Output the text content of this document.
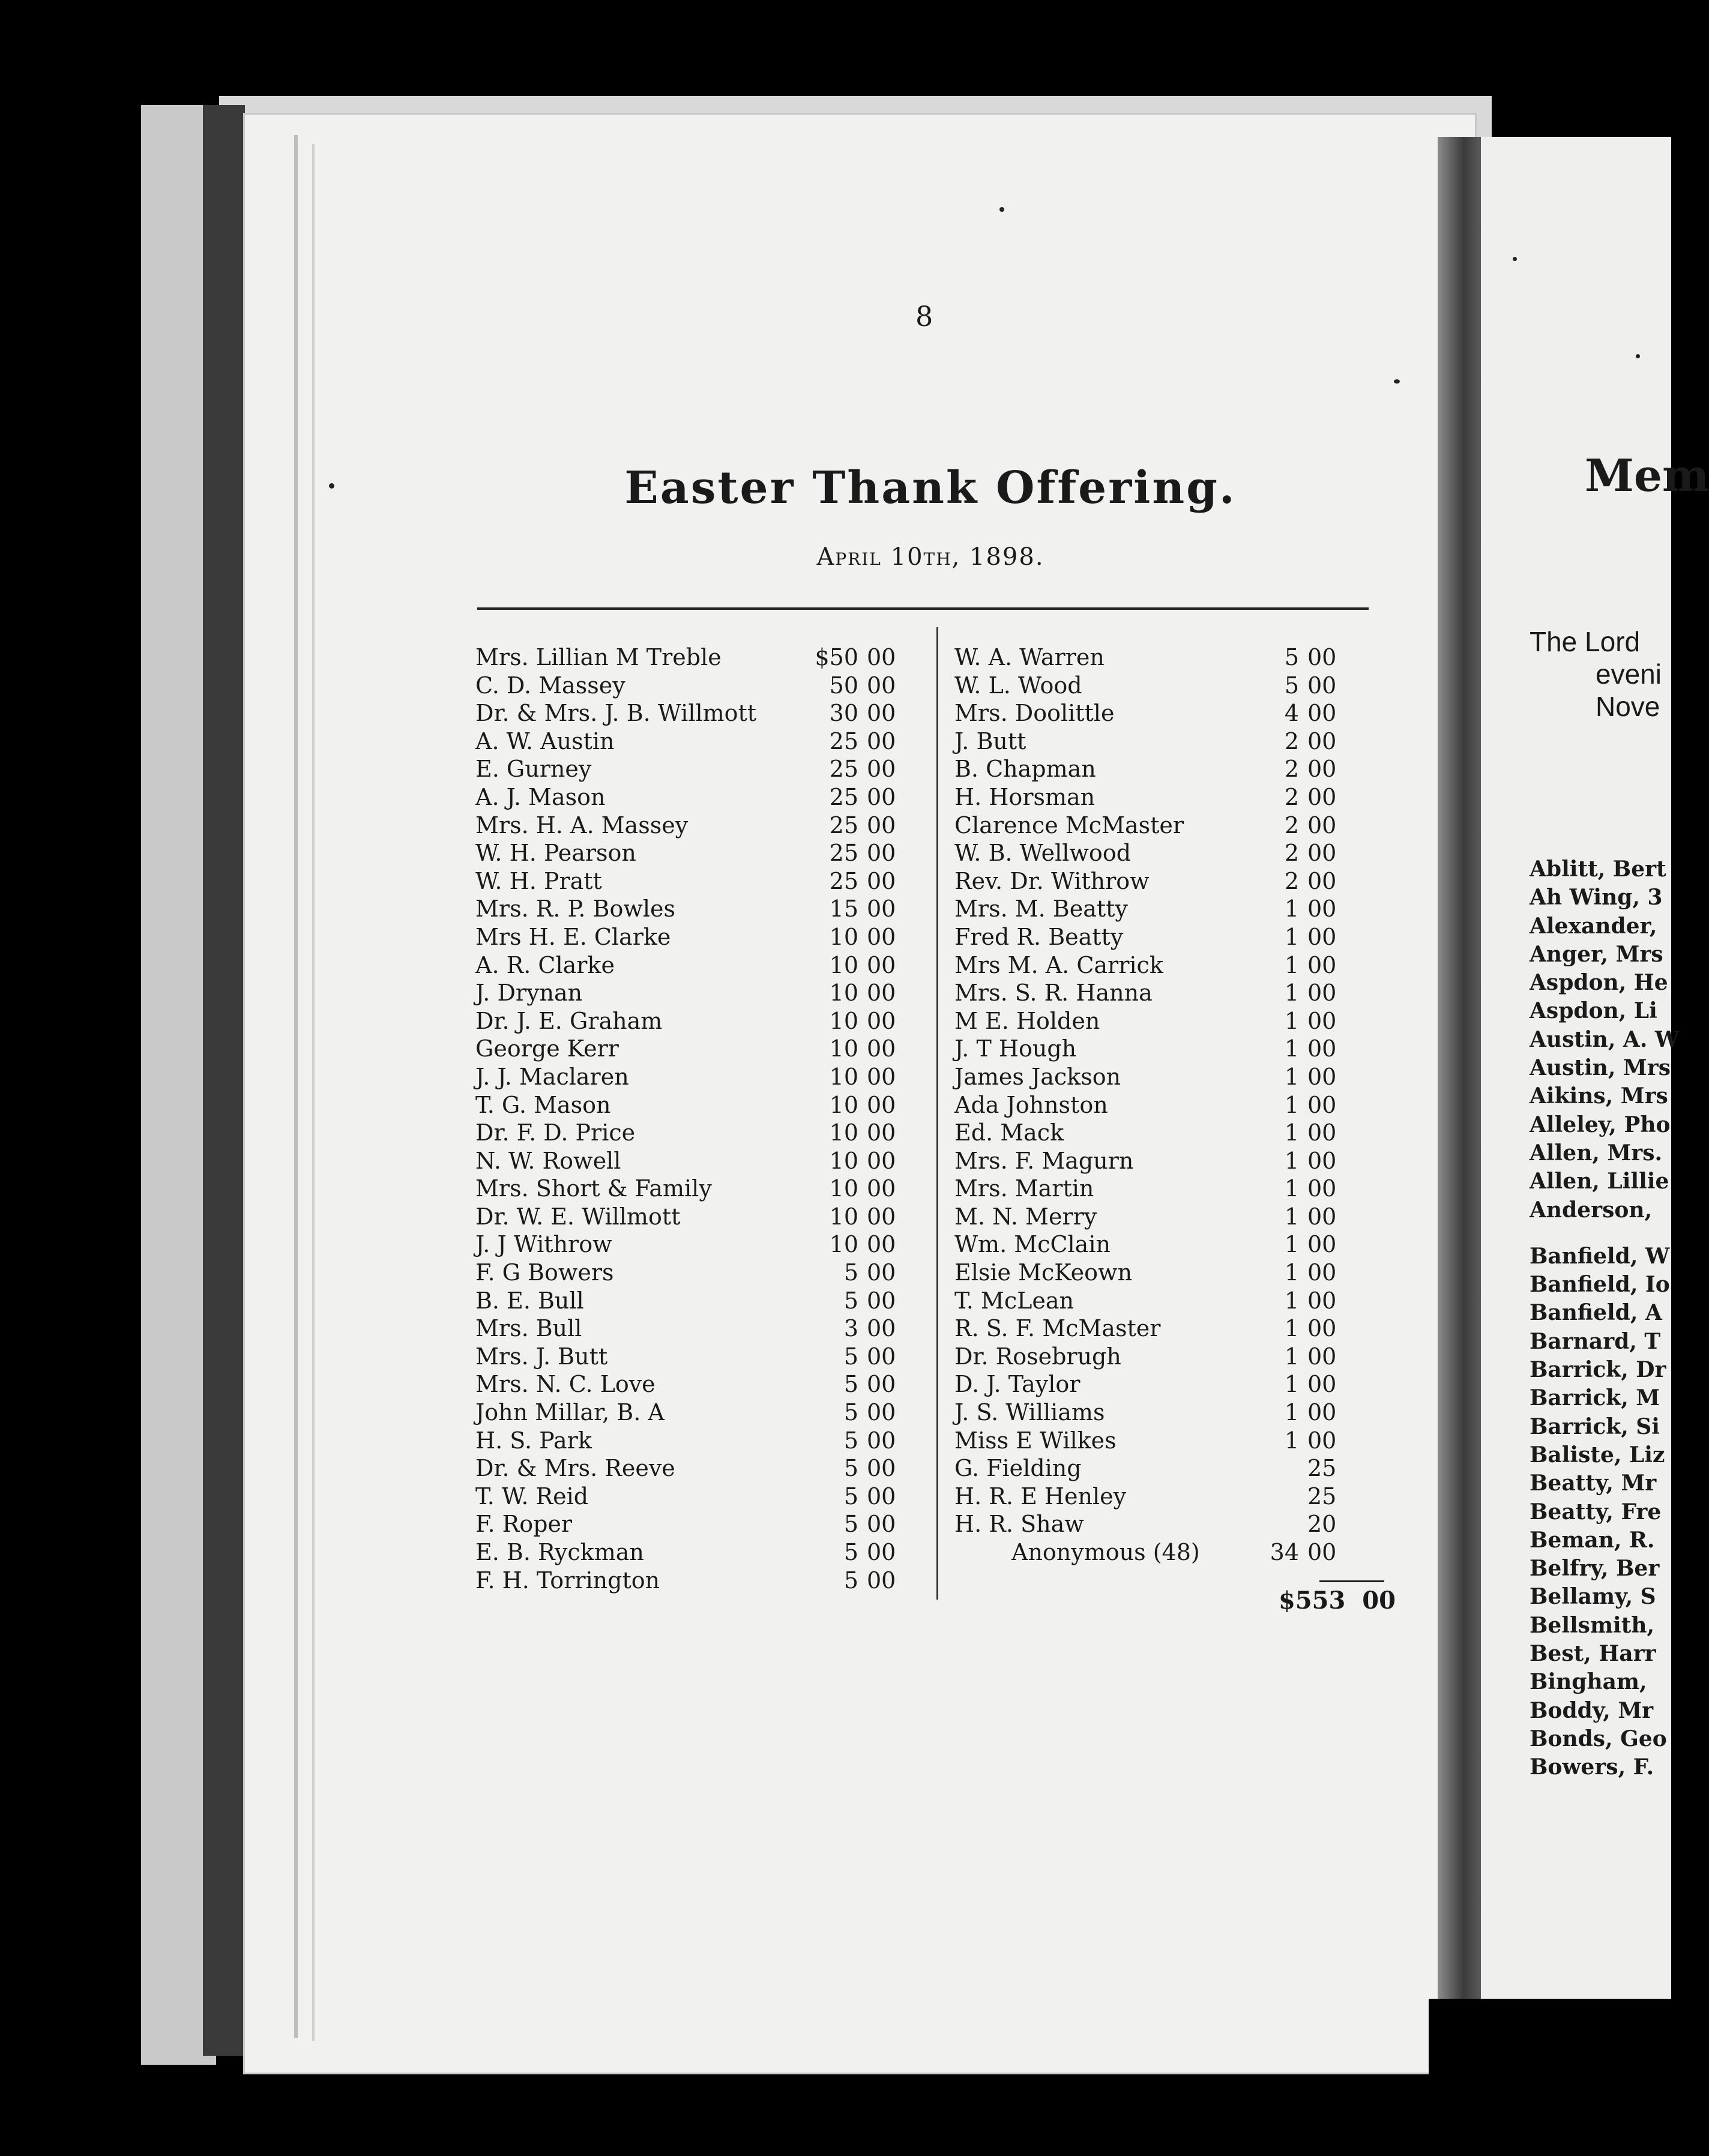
8
Easter Thank Offering.
April 10th, 1898.
Mrs. Lillian M Treble	$50 00
C. D. Massey	50 00
Dr. & Mrs. J. B. Willmott	30 00
A. W. Austin	25 00
E. Gurney	25 00
A. J. Mason	25 00
Mrs. H. A. Massey	25 00
W. H. Pearson	25 00
W. H. Pratt	25 00
Mrs. R. P. Bowles	15 00
Mrs H. E. Clarke	10 00
A. R. Clarke	10 00
J. Drynan	10 00
Dr. J. E. Graham	10 00
George Kerr	10 00
J. J. Maclaren	10 00
T. G. Mason	10 00
Dr. F. D. Price	10 00
N. W. Rowell	10 00
Mrs. Short & Family	10 00
Dr. W. E. Willmott	10 00
J. J Withrow	10 00
F. G Bowers	5 00
B. E. Bull	5 00
Mrs. Bull	3 00
Mrs. J. Butt	5 00
Mrs. N. C. Love	5 00
John Millar, B. A	5 00
H. S. Park	5 00
Dr. & Mrs. Reeve	5 00
T. W. Reid	5 00
F. Roper	5 00
E. B. Ryckman	5 00
F. H. Torrington	5 00
W. A. Warren	5 00
W. L. Wood	5 00
Mrs. Doolittle	4 00
J. Butt	2 00
B. Chapman	2 00
H. Horsman	2 00
Clarence McMaster	2 00
W. B. Wellwood	2 00
Rev. Dr. Withrow	2 00
Mrs. M. Beatty	1 00
Fred R. Beatty	1 00
Mrs M. A. Carrick	1 00
Mrs. S. R. Hanna	1 00
M E. Holden	1 00
J. T Hough	1 00
James Jackson	1 00
Ada Johnston	1 00
Ed. Mack	1 00
Mrs. F. Magurn	1 00
Mrs. Martin	1 00
M. N. Merry	1 00
Wm. McClain	1 00
Elsie McKeown	1 00
T. McLean	1 00
R. S. F. McMaster	1 00
Dr. Rosebrugh	1 00
D. J. Taylor	1 00
J. S. Williams	1 00
Miss E Wilkes	1 00
G. Fielding	25
H. R. E Henley	25
H. R. Shaw	20
Anonymous (48)	34 00
$553 00
Mem
The Lord
eveni
Nove
Ablitt, Bert
Ah Wing, 3
Alexander,
Anger, Mrs
Aspdon, He
Aspdon, Li
Austin, A. W
Austin, Mrs
Aikins, Mrs
Alleley, Pho
Allen, Mrs.
Allen, Lillie
Anderson,
Banfield, W
Banfield, Io
Banfield, A
Barnard, T
Barrick, Dr
Barrick, M
Barrick, Si
Baliste, Liz
Beatty, Mr
Beatty, Fre
Beman, R.
Belfry, Ber
Bellamy, S
Bellsmith,
Best, Harr
Bingham,
Boddy, Mr
Bonds, Geo
Bowers, F.
